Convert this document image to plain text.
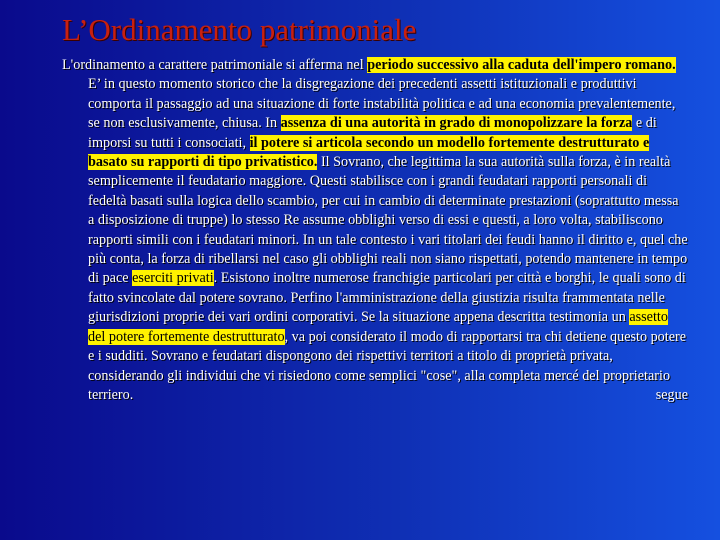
L’Ordinamento patrimoniale
L'ordinamento a carattere patrimoniale si afferma nel periodo successivo alla caduta dell'impero romano. E’ in questo momento storico che la disgregazione dei precedenti assetti istituzionali e produttivi comporta il passaggio ad una situazione di forte instabilità politica e ad una economia prevalentemente, se non esclusivamente, chiusa. In assenza di una autorità in grado di monopolizzare la forza e di imporsi su tutti i consociati, il potere si articola secondo un modello fortemente destrutturato e basato su rapporti di tipo privatistico. Il Sovrano, che legittima la sua autorità sulla forza, è in realtà semplicemente il feudatario maggiore. Questi stabilisce con i grandi feudatari rapporti personali di fedeltà basati sulla logica dello scambio, per cui in cambio di determinate prestazioni (soprattutto messa a disposizione di truppe) lo stesso Re assume obblighi verso di essi e questi, a loro volta, stabiliscono rapporti simili con i feudatari minori. In un tale contesto i vari titolari dei feudi hanno il diritto e, quel che più conta, la forza di ribellarsi nel caso gli obblighi reali non siano rispettati, potendo mantenere in tempo di pace eserciti privati. Esistono inoltre numerose franchigie particolari per città e borghi, le quali sono di fatto svincolate dal potere sovrano. Perfino l'amministrazione della giustizia risulta frammentata nelle giurisdizioni proprie dei vari ordini corporativi. Se la situazione appena descritta testimonia un assetto del potere fortemente destrutturato, va poi considerato il modo di rapportarsi tra chi detiene questo potere e i sudditi. Sovrano e feudatari dispongono dei rispettivi territori a titolo di proprietà privata, considerando gli individui che vi risiedono come semplici "cose", alla completa mercé del proprietario terriero.	segue
